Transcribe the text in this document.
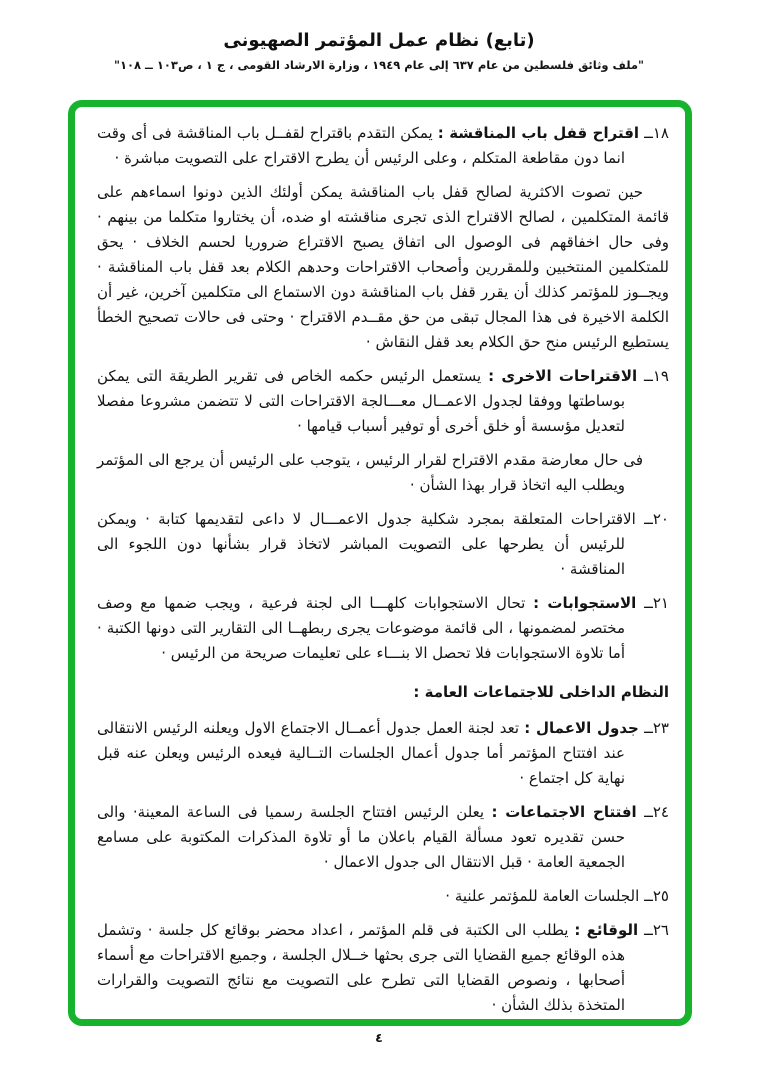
(تابع) نظام عمل المؤتمر الصهيونى
"ملف وثائق فلسطين من عام ٦٣٧ إلى عام ١٩٤٩ ، وزارة الارشاد القومى ، ج ١ ، ص١٠٣ ــ ١٠٨"

١٨ــ اقتراح قفل باب المناقشة : يمكن التقدم باقتراح لقفــل باب المناقشة فى أى وقت انما دون مقاطعة المتكلم ، وعلى الرئيس أن يطرح الاقتراح على التصويت مباشرة ·

حين تصوت الاكثرية لصالح قفل باب المناقشة يمكن أولئك الذين دونوا اسماءهم على قائمة المتكلمين ، لصالح الاقتراح الذى تجرى مناقشته او ضده، أن يختاروا متكلما من بينهم · وفى حال اخفاقهم فى الوصول الى اتفاق يصبح الاقتراع ضروريا لحسم الخلاف · يحق للمتكلمين المنتخبين وللمقررين وأصحاب الاقتراحات وحدهم الكلام بعد قفل باب المناقشة · ويجــوز للمؤتمر كذلك أن يقرر قفل باب المناقشة دون الاستماع الى متكلمين آخرين، غير أن الكلمة الاخيرة فى هذا المجال تبقى من حق مقــدم الاقتراح · وحتى فى حالات تصحيح الخطأ يستطيع الرئيس منح حق الكلام بعد قفل النقاش ·

١٩ــ الاقتراحات الاخرى : يستعمل الرئيس حكمه الخاص فى تقرير الطريقة التى يمكن بوساطتها ووفقا لجدول الاعمــال معـــالجة الاقتراحات التى لا تتضمن مشروعا مفصلا لتعديل مؤسسة أو خلق أخرى أو توفير أسباب قيامها ·

فى حال معارضة مقدم الاقتراح لقرار الرئيس ، يتوجب على الرئيس أن يرجع الى المؤتمر ويطلب اليه اتخاذ قرار بهذا الشأن ·

٢٠ــ الاقتراحات المتعلقة بمجرد شكلية جدول الاعمـــال لا داعى لتقديمها كتابة · ويمكن للرئيس أن يطرحها على التصويت المباشر لاتخاذ قرار بشأنها دون اللجوء الى المناقشة ·

٢١ــ الاستجوابات : تحال الاستجوابات كلهـــا الى لجنة فرعية ، ويجب ضمها مع وصف مختصر لمضمونها ، الى قائمة موضوعات يجرى ربطهــا الى التقارير التى دونها الكتبة · أما تلاوة الاستجوابات فلا تحصل الا بنـــاء على تعليمات صريحة من الرئيس ·

النظام الداخلى للاجتماعات العامة :

٢٣ــ جدول الاعمال : تعد لجنة العمل جدول أعمــال الاجتماع الاول ويعلنه الرئيس الانتقالى عند افتتاح المؤتمر أما جدول أعمال الجلسات التــالية فيعده الرئيس ويعلن عنه قبل نهاية كل اجتماع ·

٢٤ــ افتتاح الاجتماعات : يعلن الرئيس افتتاح الجلسة رسميا فى الساعة المعينة· والى حسن تقديره تعود مسألة القيام باعلان ما أو تلاوة المذكرات المكتوبة على مسامع الجمعية العامة · قبل الانتقال الى جدول الاعمال ·

٢٥ــ الجلسات العامة للمؤتمر علنية ·

٢٦ــ الوقائع : يطلب الى الكتبة فى قلم المؤتمر ، اعداد محضر بوقائع كل جلسة · وتشمل هذه الوقائع جميع القضايا التى جرى بحثها خــلال الجلسة ، وجميع الاقتراحات مع أسماء أصحابها ، ونصوص القضايا التى تطرح على التصويت مع نتائج التصويت والقرارات المتخذة بذلك الشأن ·

٤
